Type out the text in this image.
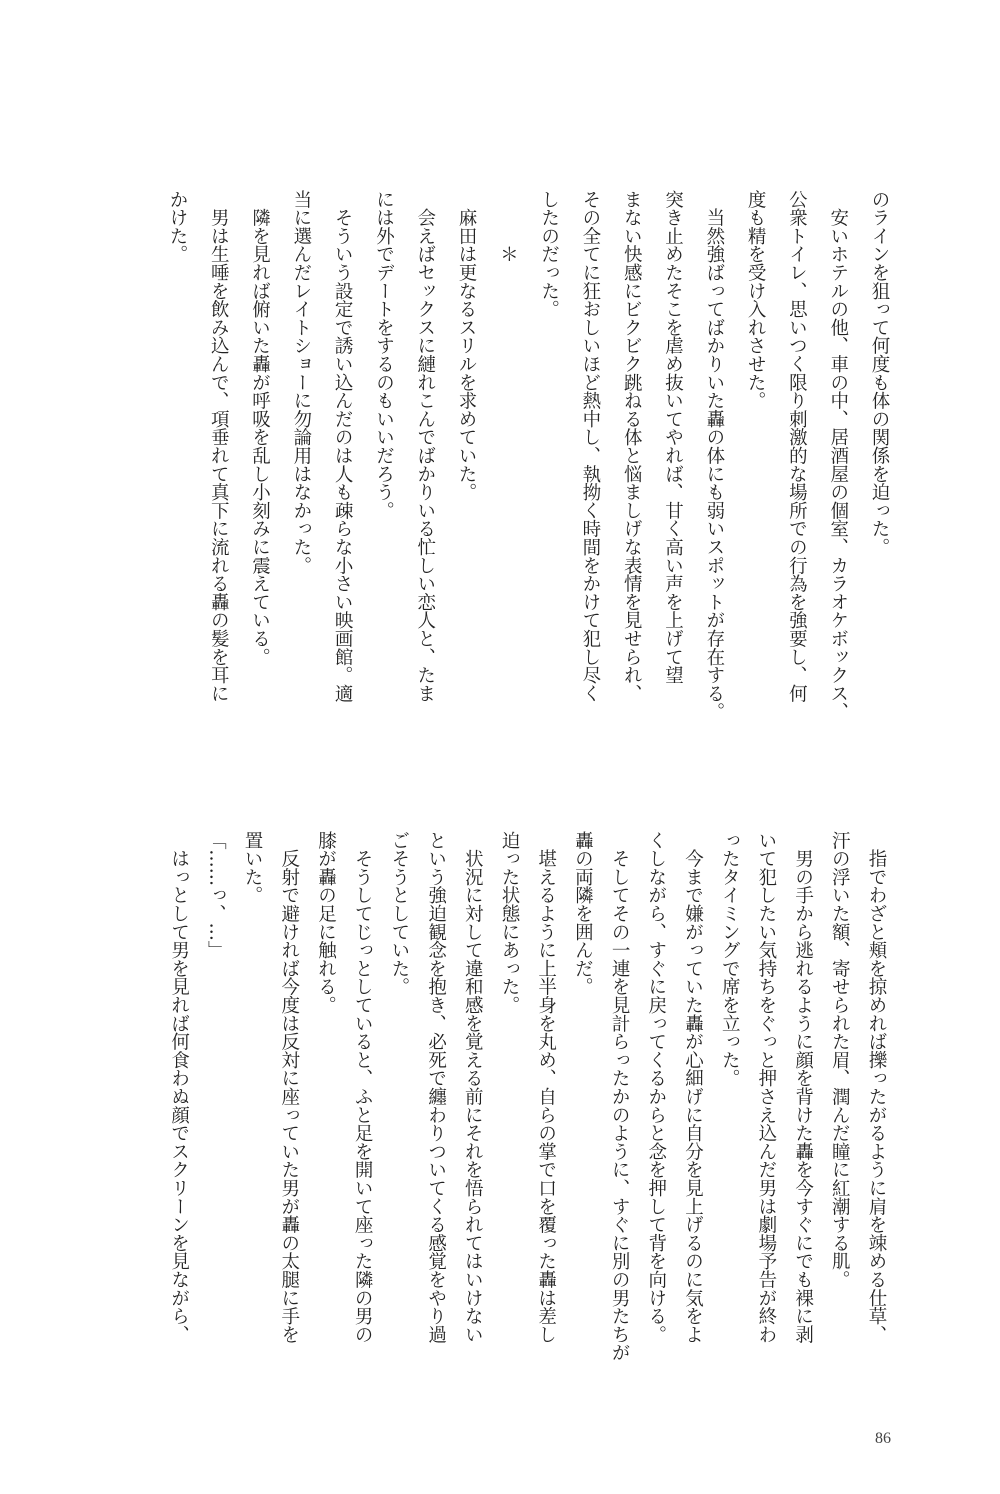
のラインを狙って何度も体の関係を迫った。

　安いホテルの他、車の中、居酒屋の個室、カラオケボックス、

公衆トイレ、思いつく限り刺激的な場所での行為を強要し、何

度も精を受け入れさせた。

　当然強ばってばかりいた轟の体にも弱いスポットが存在する。

突き止めたそこを虐め抜いてやれば、甘く高い声を上げて望

まない快感にビクビク跳ねる体と悩ましげな表情を見せられ、

その全てに狂おしいほど熱中し、執拗く時間をかけて犯し尽く

したのだった。

　　　＊

　麻田は更なるスリルを求めていた。

　会えばセックスに縺れこんでばかりいる忙しい恋人と、たま

には外でデートをするのもいいだろう。

　そういう設定で誘い込んだのは人も疎らな小さい映画館。適

当に選んだレイトショーに勿論用はなかった。

　隣を見れば俯いた轟が呼吸を乱し小刻みに震えている。

　男は生唾を飲み込んで、項垂れて真下に流れる轟の髪を耳に

かけた。

　指でわざと頬を掠めれば擽ったがるように肩を竦める仕草、

汗の浮いた額、寄せられた眉、潤んだ瞳に紅潮する肌。

　男の手から逃れるように顔を背けた轟を今すぐにでも裸に剥

いて犯したい気持ちをぐっと押さえ込んだ男は劇場予告が終わ

ったタイミングで席を立った。

　今まで嫌がっていた轟が心細げに自分を見上げるのに気をよ

くしながら、すぐに戻ってくるからと念を押して背を向ける。

　そしてその一連を見計らったかのように、すぐに別の男たちが

轟の両隣を囲んだ。

　堪えるように上半身を丸め、自らの掌で口を覆った轟は差し

迫った状態にあった。

　状況に対して違和感を覚える前にそれを悟られてはいけない

という強迫観念を抱き、必死で纏わりついてくる感覚をやり過

ごそうとしていた。

　そうしてじっとしていると、ふと足を開いて座った隣の男の

膝が轟の足に触れる。

　反射で避ければ今度は反対に座っていた男が轟の太腿に手を

置いた。

「……っ、…」

　はっとして男を見れば何食わぬ顔でスクリーンを見ながら、

86
